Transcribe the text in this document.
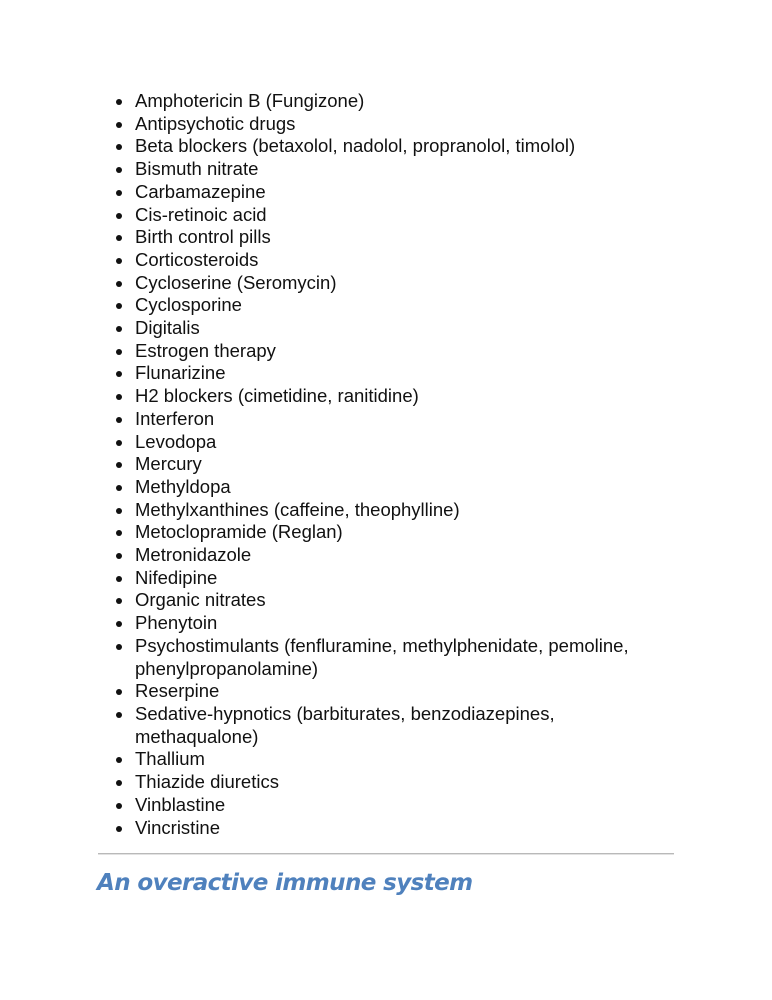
Amphotericin B (Fungizone)
Antipsychotic drugs
Beta blockers (betaxolol, nadolol, propranolol, timolol)
Bismuth nitrate
Carbamazepine
Cis-retinoic acid
Birth control pills
Corticosteroids
Cycloserine (Seromycin)
Cyclosporine
Digitalis
Estrogen therapy
Flunarizine
H2 blockers (cimetidine, ranitidine)
Interferon
Levodopa
Mercury
Methyldopa
Methylxanthines (caffeine, theophylline)
Metoclopramide (Reglan)
Metronidazole
Nifedipine
Organic nitrates
Phenytoin
Psychostimulants (fenfluramine, methylphenidate, pemoline, phenylpropanolamine)
Reserpine
Sedative-hypnotics (barbiturates, benzodiazepines, methaqualone)
Thallium
Thiazide diuretics
Vinblastine
Vincristine
An overactive immune system
